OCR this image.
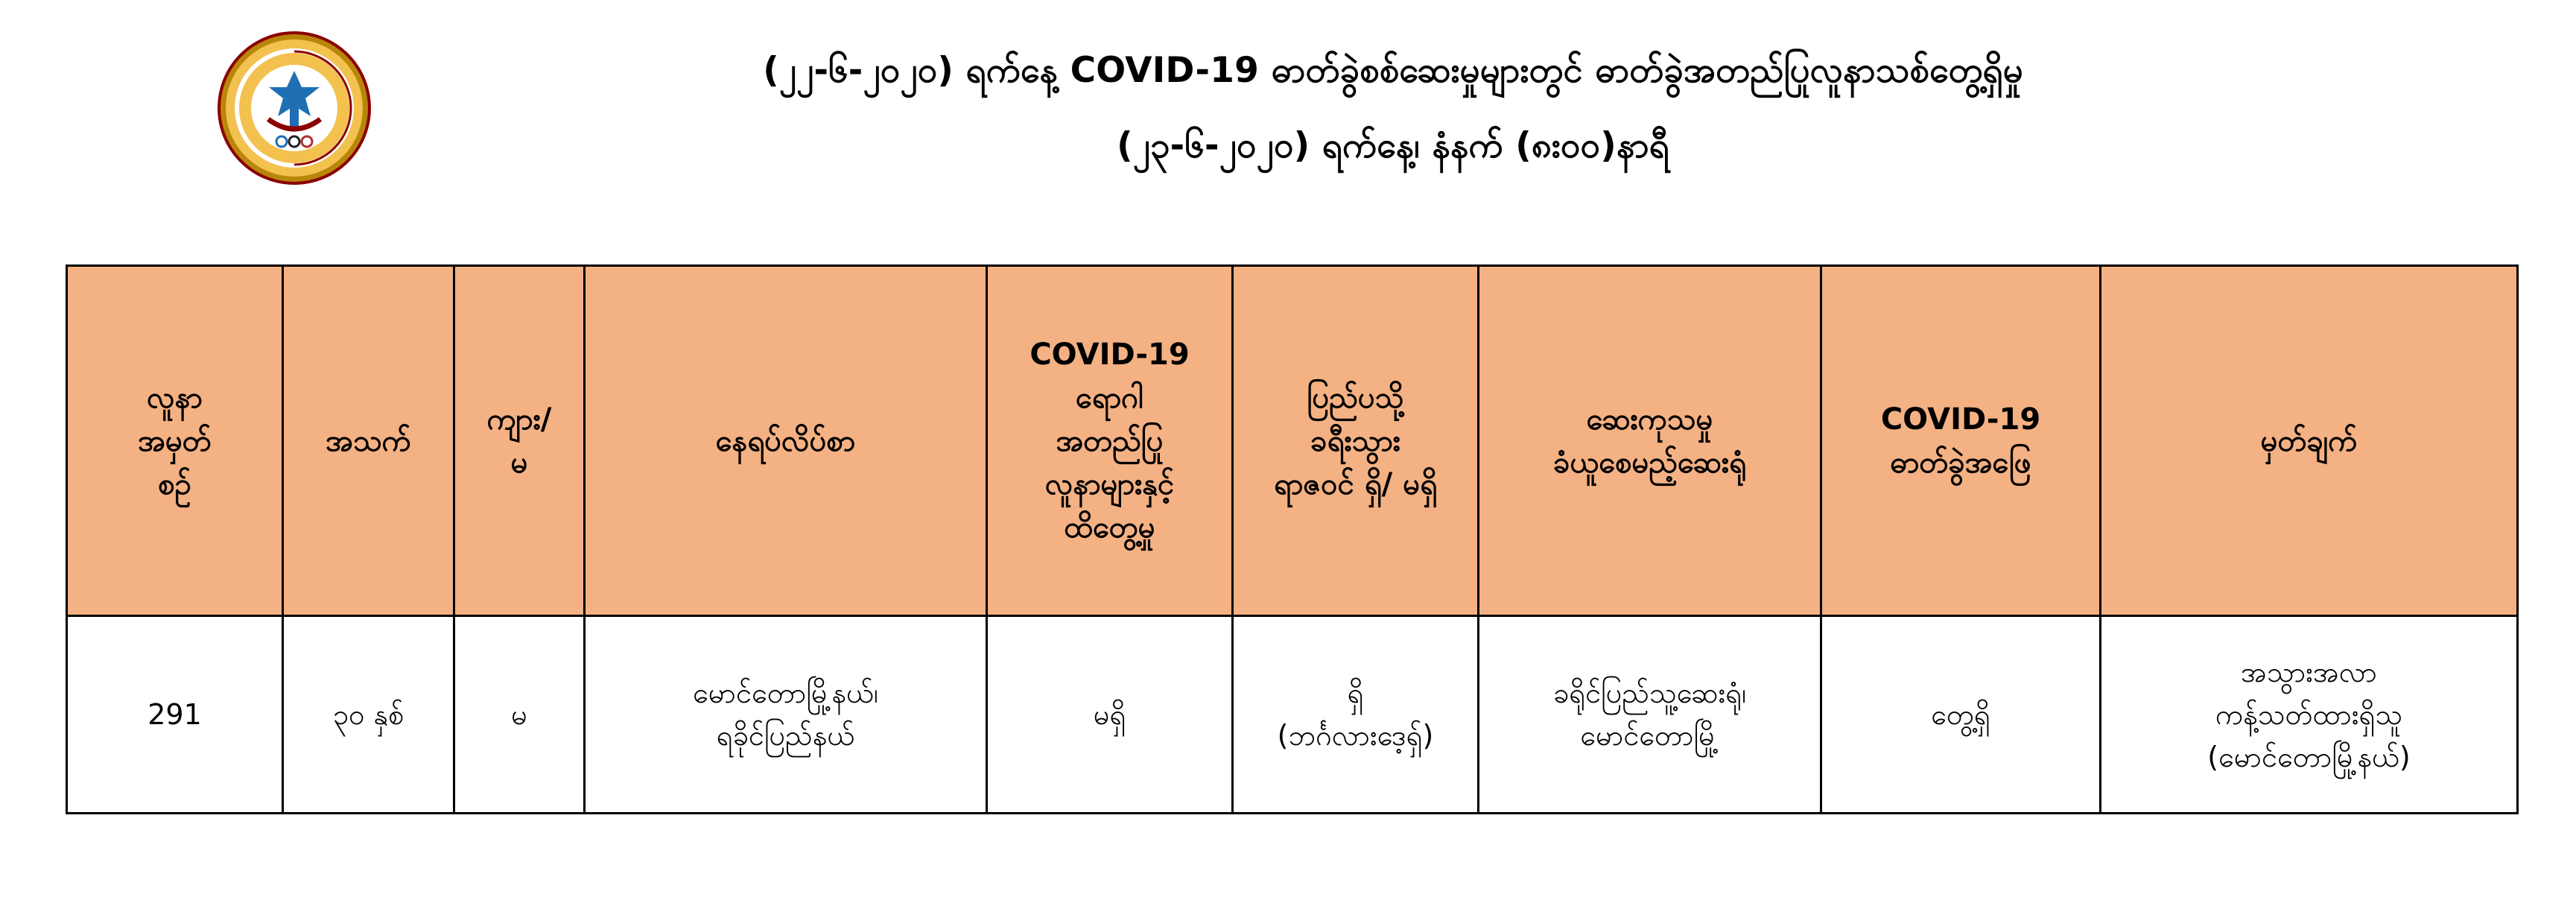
(၂၂-၆-၂၀၂၀) ရက်နေ့ COVID-19 ဓာတ်ခွဲစစ်ဆေးမှုများတွင် ဓာတ်ခွဲအတည်ပြုလူနာသစ်တွေ့ရှိမှု
(၂၃-၆-၂၀၂၀) ရက်နေ့၊ နံနက် (၈း၀၀)နာရီ
လူနာ
အမှတ်
စဉ်

အသက်

ကျား/
မ

နေရပ်လိပ်စာ

COVID-19
ရောဂါ
အတည်ပြု
လူနာများနှင့်
ထိတွေ့မှု

ပြည်ပသို့
ခရီးသွား
ရာဇဝင် ရှိ/ မရှိ

ဆေးကုသမှု
ခံယူစေမည့်ဆေးရုံ

COVID-19
ဓာတ်ခွဲအဖြေ

မှတ်ချက်

291	၃၀ နှစ်	မ	
မောင်တောမြို့နယ်၊
ရခိုင်ပြည်နယ်

မရှိ

ရှိ
(ဘင်္ဂလားဒေ့ရှ်)

ခရိုင်ပြည်သူ့ဆေးရုံ၊
မောင်တောမြို့

တွေ့ရှိ

အသွားအလာ
ကန့်သတ်ထားရှိသူ
(မောင်တောမြို့နယ်)
